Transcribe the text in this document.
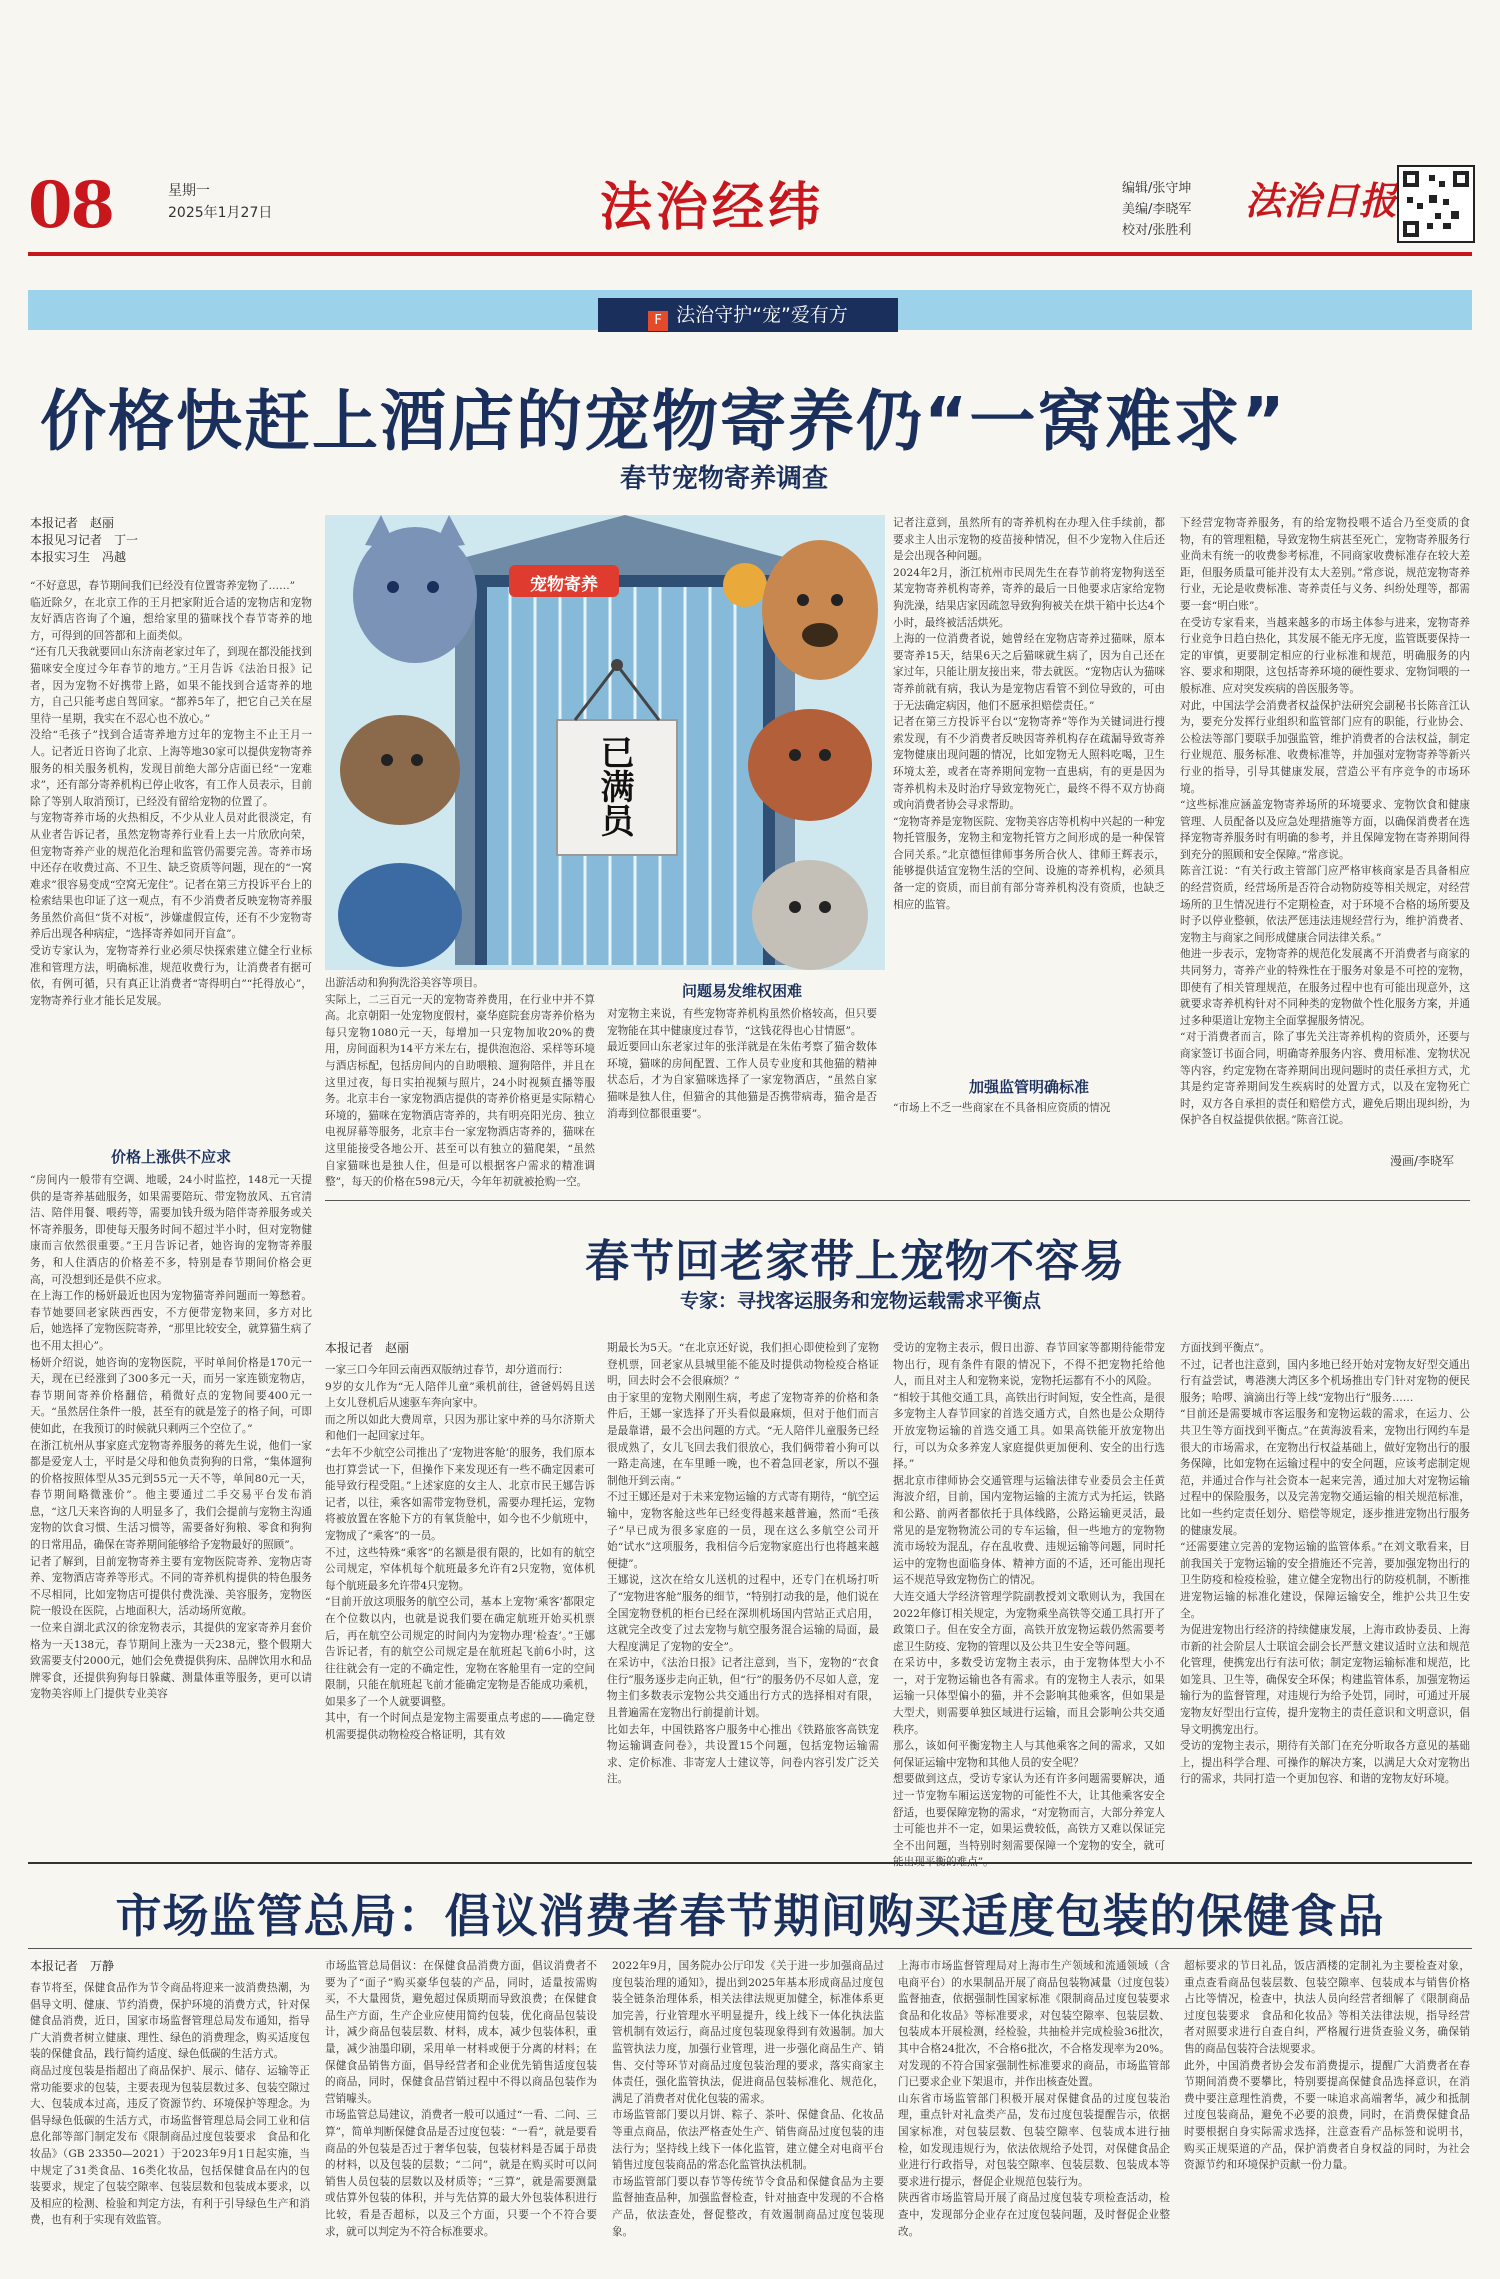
08	星期一
2025年1月27日	法治经纬	编辑/张守坤
美编/李晓军
校对/张胜利
法治日报
F 法治守护“宠”爱有方
价格快赶上酒店的宠物寄养仍“一窝难求”
春节宠物寄养调查
本报记者　赵丽
本报见习记者　丁一
本报实习生　冯越
“不好意思，春节期间我们已经没有位置寄养宠物了……”
临近除夕，在北京工作的王月把家附近合适的宠物店和宠物友好酒店咨询了个遍，想给家里的猫咪找个春节寄养的地方，可得到的回答都和上面类似。
“还有几天我就要回山东济南老家过年了，到现在都没能找到猫咪安全度过今年春节的地方。”王月告诉《法治日报》记者，因为宠物不好携带上路，如果不能找到合适寄养的地方，自己只能考虑自驾回家。“都养5年了，把它自己关在屋里待一星期，我实在不忍心也不放心。”
没给“毛孩子”找到合适寄养地方过年的宠物主不止王月一人。记者近日咨询了北京、上海等地30家可以提供宠物寄养服务的相关服务机构，发现目前绝大部分店面已经“一宠难求”，还有部分寄养机构已停止收客，有工作人员表示，目前除了等别人取消预订，已经没有留给宠物的位置了。
与宠物寄养市场的火热相反，不少从业人员对此很淡定，有从业者告诉记者，虽然宠物寄养行业看上去一片欣欣向荣，但宠物寄养产业的规范化治理和监管仍需要完善。寄养市场中还存在收费过高、不卫生、缺乏资质等问题，现在的“一窝难求”很容易变成“空窝无宠住”。记者在第三方投诉平台上的检索结果也印证了这一观点，有不少消费者反映宠物寄养服务虽然价高但“货不对板”，涉嫌虚假宣传，还有不少宠物寄养后出现各种病症，“选择寄养如同开盲盒”。
受访专家认为，宠物寄养行业必须尽快探索建立健全行业标准和管理方法，明确标准，规范收费行为，让消费者有据可依，有例可循，只有真正让消费者“寄得明白”“托得放心”，宠物寄养行业才能长足发展。
价格上涨供不应求
“房间内一般带有空调、地暖，24小时监控，148元一天提供的是寄养基础服务，如果需要陪玩、带宠物放风、五官清洁、陪伴用餐、喂药等，需要加钱升级为陪伴寄养服务或关怀寄养服务，即使每天服务时间不超过半小时，但对宠物健康而言依然很重要。”王月告诉记者，她咨询的宠物寄养服务，和人住酒店的价格差不多，特别是春节期间价格会更高，可没想到还是供不应求。
在上海工作的杨妍最近也因为宠物猫寄养问题而一筹愁着。春节她要回老家陕西西安，不方便带宠物来回，多方对比后，她选择了宠物医院寄养，“那里比较安全，就算猫生病了也不用太担心”。
杨妍介绍说，她咨询的宠物医院，平时单间价格是170元一天，现在已经涨到了300多元一天，而另一家连锁宠物店，春节期间寄养价格翻倍，稍微好点的宠物间要400元一天。“虽然居住条件一般，甚至有的就是笼子的格子间，可即使如此，在我预订的时候就只剩两三个空位了。”
在浙江杭州从事家庭式宠物寄养服务的蒋先生说，他们一家都是爱宠人士，平时是父母和他负责狗狗的日常，“集体遛狗的价格按照体型从35元到55元一天不等，单间80元一天，春节期间略微涨价”。他主要通过二手交易平台发布消息，“这几天来咨询的人明显多了，我们会提前与宠物主沟通宠物的饮食习惯、生活习惯等，需要备好狗粮、零食和狗狗的日常用品，确保在寄养期间能够给予宠物最好的照顾”。
记者了解到，目前宠物寄养主要有宠物医院寄养、宠物店寄养、宠物酒店寄养等形式。不同的寄养机构提供的特色服务不尽相同，比如宠物店可提供付费洗澡、美容服务，宠物医院一般设在医院，占地面积大，活动场所宽敞。
一位来自湖北武汉的徐宠物表示，其提供的宠家寄养月套价格为一天138元，春节期间上涨为一天238元，整个假期大致需要支付2000元，她们会免费提供狗床、品牌饮用水和品牌零食，还提供狗狗每日躲藏、测量体重等服务，更可以请宠物美容师上门提供专业美容
宠物寄养
已满员
出游活动和狗狗洗浴美容等项目。
实际上，二三百元一天的宠物寄养费用，在行业中并不算高。北京朝阳一处宠物度假村，豪华庭院套房寄养价格为每只宠物1080元一天，每增加一只宠物加收20%的费用，房间面积为14平方米左右，提供泡泡浴、采样等环境与酒店标配，包括房间内的自助喂粮、遛狗陪伴，并且在这里过夜，每日实拍视频与照片，24小时视频直播等服务。北京丰台一家宠物酒店提供的寄养价格更是实际精心环境的，猫咪在宠物酒店寄养的，共有明亮阳光房、独立电视屏幕等服务，北京丰台一家宠物酒店寄养的，猫咪在这里能接受各地公开、甚至可以有独立的猫爬架，“虽然自家猫咪也是独人住，但是可以根据客户需求的精准调整”，每天的价格在598元/天，今年年初就被抢购一空。
问题易发维权困难
对宠物主来说，有些宠物寄养机构虽然价格较高，但只要宠物能在其中健康度过春节，“这钱花得也心甘情愿”。
最近要回山东老家过年的张洋就是在朱佑考察了猫舍数体环境，猫咪的房间配置、工作人员专业度和其他猫的精神状态后，才为自家猫咪选择了一家宠物酒店，“虽然自家猫咪是独人住，但猫舍的其他猫是否携带病毒，猫舍是否消毒到位都很重要”。
记者注意到，虽然所有的寄养机构在办理入住手续前，都要求主人出示宠物的疫苗接种情况，但不少宠物入住后还是会出现各种问题。
2024年2月，浙江杭州市民周先生在春节前将宠物狗送至某宠物寄养机构寄养，寄养的最后一日他要求店家给宠物狗洗澡，结果店家因疏忽导致狗狗被关在烘干箱中长达4个小时，最终被活活烘死。
上海的一位消费者说，她曾经在宠物店寄养过猫咪，原本要寄养15天，结果6天之后猫咪就生病了，因为自己还在家过年，只能让朋友接出来，带去就医。“宠物店认为猫咪寄养前就有病，我认为是宠物店看管不到位导致的，可由于无法确定病因，他们不愿承担赔偿责任。”
记者在第三方投诉平台以“宠物寄养”等作为关键词进行搜索发现，有不少消费者反映因寄养机构存在疏漏导致寄养宠物健康出现问题的情况，比如宠物无人照料吃喝，卫生环境太差，或者在寄养期间宠物一直患病，有的更是因为寄养机构未及时治疗导致宠物死亡，最终不得不双方协商或向消费者协会寻求帮助。
“宠物寄养是宠物医院、宠物美容店等机构中兴起的一种宠物托管服务，宠物主和宠物托管方之间形成的是一种保管合同关系。”北京德恒律师事务所合伙人、律师王辉表示，能够提供适宜宠物生活的空间、设施的寄养机构，必须具备一定的资质，而目前有部分寄养机构没有资质，也缺乏相应的监管。
加强监管明确标准
“市场上不乏一些商家在不具备相应资质的情况
下经营宠物寄养服务，有的给宠物投喂不适合乃至变质的食物，有的管理粗糙，导致宠物生病甚至死亡，宠物寄养服务行业尚未有统一的收费参考标准，不同商家收费标准存在较大差距，但服务质量可能并没有太大差别。”常彦说，规范宠物寄养行业，无论是收费标准、寄养责任与义务、纠纷处理等，都需要一套“明白账”。
在受访专家看来，当越来越多的市场主体参与进来，宠物寄养行业竞争日趋白热化，其发展不能无序无度，监管既要保持一定的审慎，更要制定相应的行业标准和规范，明确服务的内容、要求和期限，这包括寄养环境的硬性要求、宠物饲喂的一般标准、应对突发疾病的兽医服务等。
对此，中国法学会消费者权益保护法研究会副秘书长陈音江认为，要充分发挥行业组织和监管部门应有的职能，行业协会、公检法等部门要联手加强监管，维护消费者的合法权益，制定行业规范、服务标准、收费标准等，并加强对宠物寄养等新兴行业的指导，引导其健康发展，营造公平有序竞争的市场环境。
“这些标准应涵盖宠物寄养场所的环境要求、宠物饮食和健康管理、人员配备以及应急处理措施等方面，以确保消费者在选择宠物寄养服务时有明确的参考，并且保障宠物在寄养期间得到充分的照顾和安全保障。”常彦说。
陈音江说：“有关行政主管部门应严格审核商家是否具备相应的经营资质，经营场所是否符合动物防疫等相关规定，对经营场所的卫生情况进行不定期检查，对于环境不合格的场所要及时予以停业整顿，依法严惩违法违规经营行为，维护消费者、宠物主与商家之间形成健康合同法律关系。”
他进一步表示，宠物寄养的规范化发展离不开消费者与商家的共同努力，寄养产业的特殊性在于服务对象是不可控的宠物，即使有了相关管理规范，在服务过程中也有可能出现意外，这就要求寄养机构针对不同种类的宠物做个性化服务方案，并通过多种渠道让宠物主全面掌握服务情况。
“对于消费者而言，除了事先关注寄养机构的资质外，还要与商家签订书面合同，明确寄养服务内容、费用标准、宠物状况等内容，约定宠物在寄养期间出现问题时的责任承担方式，尤其是约定寄养期间发生疾病时的处置方式，以及在宠物死亡时，双方各自承担的责任和赔偿方式，避免后期出现纠纷，为保护各自权益提供依据。”陈音江说。
漫画/李晓军
春节回老家带上宠物不容易
专家：寻找客运服务和宠物运载需求平衡点
本报记者　赵丽
一家三口今年回云南西双版纳过春节，却分道而行：
9岁的女儿作为“无人陪伴儿童”乘机前往，爸爸妈妈且送上女儿登机后从速驱车奔向家中。
而之所以如此大费周章，只因为那让家中养的马尔济斯犬和他们一起回家过年。
“去年不少航空公司推出了‘宠物进客舱’的服务，我们原本也打算尝试一下，但操作下来发现还有一些不确定因素可能导致行程受阻。”上述家庭的女主人、北京市民王娜告诉记者，以往，乘客如需带宠物登机，需要办理托运，宠物将被放置在客舱下方的有氧货舱中，如今也不少航班中，宠物成了“乘客”的一员。
不过，这些特殊“乘客”的名额是很有限的，比如有的航空公司规定，窄体机每个航班最多允许有2只宠物，宽体机每个航班最多允许带4只宠物。
“目前开放这项服务的航空公司，基本上宠物‘乘客’都限定在个位数以内，也就是说我们要在确定航班开始买机票后，再在航空公司规定的时间内为宠物办理‘检查’。”王娜告诉记者，有的航空公司规定是在航班起飞前6小时，这往往就会有一定的不确定性，宠物在客舱里有一定的空间限制，只能在航班起飞前才能确定宠物是否能成功乘机，如果多了一个人就要调整。
其中，有一个时间点是宠物主需要重点考虑的——确定登机需要提供动物检疫合格证明，其有效
期最长为5天。“在北京还好说，我们担心即使检到了宠物登机票，回老家从县城里能不能及时提供动物检疫合格证明，回去时会不会很麻烦？”
由于家里的宠物犬刚刚生病，考虑了宠物寄养的价格和条件后，王娜一家选择了开头看似最麻烦，但对于他们而言是最靠谱，最不会出问题的方式。“无人陪伴儿童服务已经很成熟了，女儿飞回去我们很放心，我们俩带着小狗可以一路走高速，在车里睡一晚，也不着急回老家，所以不强制他开到云南。”
不过王娜还是对于未来宠物运输的方式寄有期待，“航空运输中，宠物客舱这些年已经变得越来越普遍，然而“毛孩子”早已成为很多家庭的一员，现在这么多航空公司开始“试水”这项服务，我相信今后宠物家庭出行也将越来越便捷”。
王娜说，这次在给女儿送机的过程中，还专门在机场打听了“宠物进客舱”服务的细节，“特别打动我的是，他们说在全国宠物登机的柜台已经在深圳机场国内营站正式启用，这就完全改变了过去宠物与航空服务混合运输的局面，最大程度满足了宠物的安全”。
在采访中，《法治日报》记者注意到，当下，宠物的“衣食住行”服务逐步走向正轨，但“行”的服务仍不尽如人意，宠物主们多数表示宠物公共交通出行方式的选择相对有限，且普遍需在宠物出行前提前计划。
比如去年，中国铁路客户服务中心推出《铁路旅客高铁宠物运输调查问卷》，共设置15个问题，包括宠物运输需求、定价标准、非寄宠人士建议等，问卷内容引发广泛关注。
受访的宠物主表示，假日出游、春节回家等都期待能带宠物出行，现有条件有限的情况下，不得不把宠物托给他人，而且对主人和宠物来说，宠物托运都有不小的风险。
“相较于其他交通工具，高铁出行时间短，安全性高，是很多宠物主人春节回家的首选交通方式，自然也是公众期待开放宠物运输的首选交通工具。如果高铁能开放宠物出行，可以为众多养宠人家庭提供更加便利、安全的出行选择。”
据北京市律师协会交通管理与运输法律专业委员会主任黄海波介绍，目前，国内宠物运输的主流方式为托运，铁路和公路、前两者都依托于具体线路，公路运输更灵活，最常见的是宠物物流公司的专车运输，但一些地方的宠物物流市场较为混乱，存在乱收费、违规运输等问题，同时托运中的宠物也面临身体、精神方面的不适，还可能出现托运不规范导致宠物伤亡的情况。
大连交通大学经济管理学院副教授刘文歌则认为，我国在2022年修订相关规定，为宠物乘坐高铁等交通工具打开了政策口子。但在安全方面，高铁开放宠物运载仍然需要考虑卫生防疫、宠物的管理以及公共卫生安全等问题。
在采访中，多数受访宠物主表示，由于宠物体型大小不一，对于宠物运输也各有需求。有的宠物主人表示，如果运输一只体型偏小的猫，并不会影响其他乘客，但如果是大型犬，则需要单独区域进行运输，而且会影响公共交通秩序。
那么，该如何平衡宠物主人与其他乘客之间的需求，又如何保证运输中宠物和其他人员的安全呢？
想要做到这点，受访专家认为还有许多问题需要解决，通过一节宠物车厢运送宠物的可能性不大，让其他乘客安全舒适，也要保障宠物的需求，“对宠物而言，大部分养宠人士可能也并不一定，如果运费较低，高铁方又难以保证完全不出问题，当特别时刻需要保障一个宠物的安全，就可
方面找到平衡点”。
不过，记者也注意到，国内多地已经开始对宠物友好型交通出行有益尝试，粤港澳大湾区多个机场推出专门针对宠物的便民服务；哈啰、滴滴出行等上线“宠物出行”服务……
“目前还是需要城市客运服务和宠物运载的需求，在运力、公共卫生等方面找到平衡点。”在黄海波看来，宠物出行网约车是很大的市场需求，在宠物出行权益基础上，做好宠物出行的服务保障，比如宠物在运输过程中的安全问题，应该考虑制定规范，并通过合作与社会资本一起来完善，通过加大对宠物运输过程中的保险服务，以及完善宠物交通运输的相关规范标准，比如一些约定责任划分、赔偿等规定，逐步推进宠物出行服务的健康发展。
“还需要建立完善的宠物运输的监管体系。”在刘文歌看来，目前我国关于宠物运输的安全措施还不完善，要加强宠物出行的卫生防疫和检疫检验，建立健全宠物出行的防疫机制，不断推进宠物运输的标准化建设，保障运输安全，维护公共卫生安全。
为促进宠物出行经济的持续健康发展，上海市政协委员、上海市新的社会阶层人士联谊会副会长严慧文建议适时立法和规范化管理，使携宠出行有法可依；制定宠物运输标准和规范，比如笼具、卫生等，确保安全环保；构建监管体系，加强宠物运输行为的监督管理，对违规行为给予处罚，同时，可通过开展宠物友好型出行宣传，提升宠物主的责任意识和文明意识，倡导文明携宠出行。
受访的宠物主表示，期待有关部门在充分听取各方意见的基础上，提出科学合理、可操作的解决方案，以满足大众对宠物出行的需求，共同打造一个更加包容、和谐的宠物友好环境。
市场监管总局：倡议消费者春节期间购买适度包装的保健食品
本报记者　万静
春节将至，保健食品作为节令商品将迎来一波消费热潮，为倡导文明、健康、节约消费，保护环境的消费方式，针对保健食品消费，近日，国家市场监督管理总局发布通知，指导广大消费者树立健康、理性、绿色的消费理念，购买适度包装的保健食品，践行简约适度、绿色低碳的生活方式。
商品过度包装是指超出了商品保护、展示、储存、运输等正常功能要求的包装，主要表现为包装层数过多、包装空隙过大、包装成本过高，违反了资源节约、环境保护等理念。为倡导绿色低碳的生活方式，市场监督管理总局会同工业和信息化部等部门制定发布《限制商品过度包装要求　食品和化妆品》（GB 23350—2021）于2023年9月1日起实施，当中规定了31类食品、16类化妆品，包括保健食品在内的包装要求，规定了包装空隙率、包装层数和包装成本要求，以及相应的检测、检验和判定方法，有利于引导绿色生产和消费，也有利于实现有效监管。
市场监管总局倡议：在保健食品消费方面，倡议消费者不要为了“面子”购买豪华包装的产品，同时，适量按需购买，不大量囤货，避免超过保质期而导致浪费；在保健食品生产方面，生产企业应使用简约包装，优化商品包装设计，减少商品包装层数、材料，成本，减少包装体积，重量，减少油墨印刷，采用单一材料或便于分离的材料；在保健食品销售方面，倡导经营者和企业优先销售适度包装的商品，同时，保健食品营销过程中不得以商品包装作为营销噱头。
市场监管总局建议，消费者一般可以通过“一看、二问、三算”，简单判断保健食品是否过度包装：“一看”，就是要看商品的外包装是否过于奢华包装，包装材料是否属于昂贵的材料，以及包装的层数；“二问”，就是在购买时可以问销售人员包装的层数以及材质等；“三算”，就是需要测量或估算外包装的体积，并与先估算的最大外包装体积进行比较，看是否超标，以及三个方面，只要一个不符合要求，就可以判定为不符合标准要求。
2022年9月，国务院办公厅印发《关于进一步加强商品过度包装治理的通知》，提出到2025年基本形成商品过度包装全链条治理体系，相关法律法规更加健全，标准体系更加完善，行业管理水平明显提升，线上线下一体化执法监管机制有效运行，商品过度包装现象得到有效遏制。加大监管执法力度，加强行业管理，进一步强化商品生产、销售、交付等环节对商品过度包装治理的要求，落实商家主体责任，强化监管执法，促进商品包装标准化、规范化，满足了消费者对优化包装的需求。
市场监管部门要以月饼、粽子、茶叶、保健食品、化妆品等重点商品，依法严格查处生产、销售商品过度包装的违法行为；坚持线上线下一体化监管，建立健全对电商平台销售过度包装商品的常态化监管执法机制。
市场监管部门要以春节等传统节令食品和保健食品为主要监督抽查品种，加强监督检查，针对抽查中发现的不合格产品，依法查处，督促整改，有效遏制商品过度包装现象。
上海市市场监督管理局对上海市生产领域和流通领域（含电商平台）的水果制品开展了商品包装物减量（过度包装）监督抽查，依据强制性国家标准《限制商品过度包装要求　食品和化妆品》等标准要求，对包装空隙率、包装层数、包装成本开展检测，经检验，共抽检并完成检验36批次，其中合格24批次，不合格6批次，不合格发现率为20%。对发现的不符合国家强制性标准要求的商品，市场监管部门已要求企业下架退市，并作出核查处置。
山东省市场监管部门积极开展对保健食品的过度包装治理，重点针对礼盒类产品，发布过度包装提醒告示，依据国家标准，对包装层数、包装空隙率、包装成本进行抽检，如发现违规行为，依法依规给予处罚，对保健食品企业进行行政指导，对包装空隙率、包装层数、包装成本等要求进行提示，督促企业规范包装行为。
陕西省市场监管局开展了商品过度包装专项检查活动，检查中，发现部分企业存在过度包装问题，及时督促企业整改。
超标要求的节日礼品，饭店酒楼的定制礼为主要检查对象，重点查看商品包装层数、包装空隙率、包装成本与销售价格占比等情况，检查中，执法人员向经营者细解了《限制商品过度包装要求　食品和化妆品》等相关法律法规，指导经营者对照要求进行自查自纠，严格履行进货查验义务，确保销售的商品包装符合法规要求。
此外，中国消费者协会发布消费提示，提醒广大消费者在春节期间消费不要攀比，特别要提高保健食品选择意识，在消费中要注意理性消费，不要一味追求高端奢华，减少和抵制过度包装商品，避免不必要的浪费，同时，在消费保健食品时要根据自身实际需求选择，注意查看产品标签和说明书，购买正规渠道的产品，保护消费者自身权益的同时，为社会资源节约和环境保护贡献一份力量。
